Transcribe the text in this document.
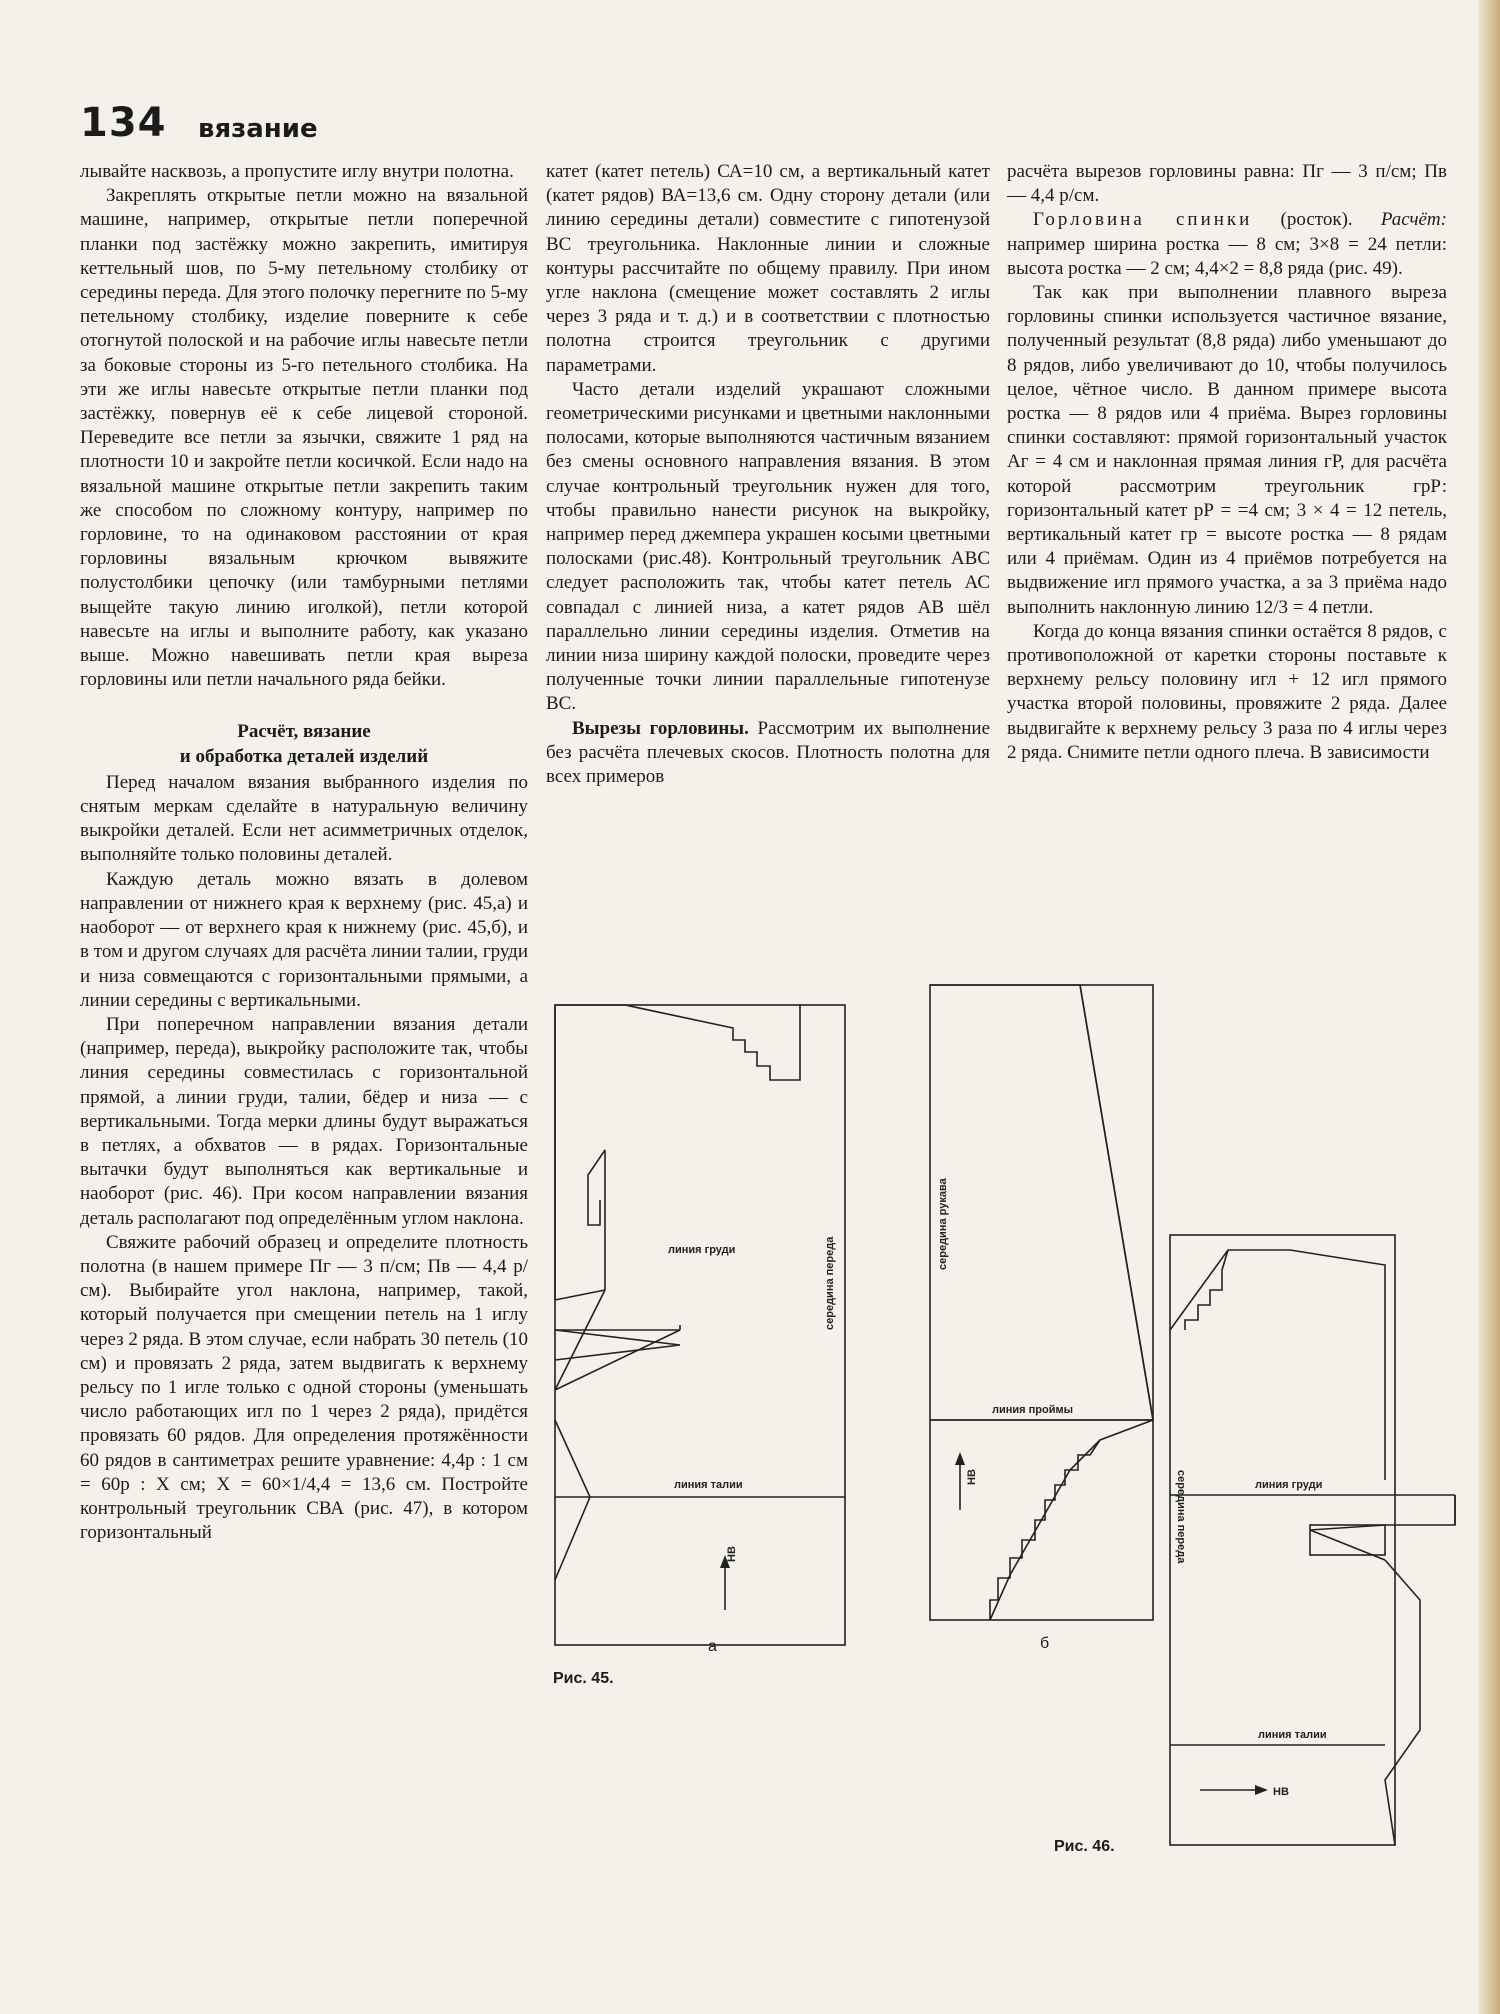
134 вязание

лывайте насквозь, а пропустите иглу внутри полотна.

Закреплять открытые петли можно на вязальной машине, например, открытые петли поперечной планки под застёжку можно закрепить, имитируя кеттельный шов, по 5-му петельному столбику от середины переда. Для этого полочку перегните по 5-му петельному столбику, изделие поверните к себе отогнутой полоской и на рабочие иглы навесьте петли за боковые стороны из 5-го петельного столбика. На эти же иглы навесьте открытые петли планки под застёжку, повернув её к себе лицевой стороной. Переведите все петли за язычки, свяжите 1 ряд на плотности 10 и закройте петли косичкой. Если надо на вязальной машине открытые петли закрепить таким же способом по сложному контуру, например по горловине, то на одинаковом расстоянии от края горловины вязальным крючком вывяжите полустолбики цепочку (или тамбурными петлями выщейте такую линию иголкой), петли которой навесьте на иглы и выполните работу, как указано выше. Можно навешивать петли края выреза горловины или петли начального ряда бейки.

Расчёт, вязание
и обработка деталей изделий

Перед началом вязания выбранного изделия по снятым меркам сделайте в натуральную величину выкройки деталей. Если нет асимметричных отделок, выполняйте только половины деталей.

Каждую деталь можно вязать в долевом направлении от нижнего края к верхнему (рис. 45,а) и наоборот — от верхнего края к нижнему (рис. 45,б), и в том и другом случаях для расчёта линии талии, груди и низа совмещаются с горизонтальными прямыми, а линии середины с вертикальными.

При поперечном направлении вязания детали (например, переда), выкройку расположите так, чтобы линия середины совместилась с горизонтальной прямой, а линии груди, талии, бёдер и низа — с вертикальными. Тогда мерки длины будут выражаться в петлях, а обхватов — в рядах. Горизонтальные вытачки будут выполняться как вертикальные и наоборот (рис. 46). При косом направлении вязания деталь располагают под определённым углом наклона.

Свяжите рабочий образец и определите плотность полотна (в нашем примере Пг — 3 п/см; Пв — 4,4 р/см). Выбирайте угол наклона, например, такой, который получается при смещении петель на 1 иглу через 2 ряда. В этом случае, если набрать 30 петель (10 см) и провязать 2 ряда, затем выдвигать к верхнему рельсу по 1 игле только с одной стороны (уменьшать число работающих игл по 1 через 2 ряда), придётся провязать 60 рядов. Для определения протяжённости 60 рядов в сантиметрах решите уравнение: 4,4р : 1 см = 60р : Х см; Х = 60×1/4,4 = 13,6 см. Постройте контрольный треугольник СВА (рис. 47), в котором горизонтальный

катет (катет петель) СА=10 см, а вертикальный катет (катет рядов) ВА=13,6 см. Одну сторону детали (или линию середины детали) совместите с гипотенузой ВС треугольника. Наклонные линии и сложные контуры рассчитайте по общему правилу. При ином угле наклона (смещение может составлять 2 иглы через 3 ряда и т. д.) и в соответствии с плотностью полотна строится треугольник с другими параметрами.

Часто детали изделий украшают сложными геометрическими рисунками и цветными наклонными полосами, которые выполняются частичным вязанием без смены основного направления вязания. В этом случае контрольный треугольник нужен для того, чтобы правильно нанести рисунок на выкройку, например перед джемпера украшен косыми цветными полосками (рис.48). Контрольный треугольник АВС следует расположить так, чтобы катет петель АС совпадал с линией низа, а катет рядов АВ шёл параллельно линии середины изделия. Отметив на линии низа ширину каждой полоски, проведите через полученные точки линии параллельные гипотенузе ВС.

Вырезы горловины. Рассмотрим их выполнение без расчёта плечевых скосов. Плотность полотна для всех примеров

расчёта вырезов горловины равна: Пг — 3 п/см; Пв — 4,4 р/см.

Горловина спинки (росток). Расчёт: например ширина ростка — 8 см; 3×8 = 24 петли: высота ростка — 2 см; 4,4×2 = 8,8 ряда (рис. 49).

Так как при выполнении плавного выреза горловины спинки используется частичное вязание, полученный результат (8,8 ряда) либо уменьшают до 8 рядов, либо увеличивают до 10, чтобы получилось целое, чётное число. В данном примере высота ростка — 8 рядов или 4 приёма. Вырез горловины спинки составляют: прямой горизонтальный участок Аг = 4 см и наклонная прямая линия гР, для расчёта которой рассмотрим треугольник грР: горизонтальный катет рР = =4 см; 3 × 4 = 12 петель, вертикальный катет гр = высоте ростка — 8 рядам или 4 приёмам. Один из 4 приёмов потребуется на выдвижение игл прямого участка, а за 3 приёма надо выполнить наклонную линию 12/3 = 4 петли.

Когда до конца вязания спинки остаётся 8 рядов, с противоположной от каретки стороны поставьте к верхнему рельсу половину игл + 12 игл прямого участка второй половины, провяжите 2 ряда. Далее выдвигайте к верхнему рельсу 3 раза по 4 иглы через 2 ряда. Снимите петли одного плеча. В зависимости

линия груди
линия талии
середина переда
НВ
линия проймы
середина рукава
НВ	линия груди
линия талии
середина переда
НВ
а	б
Рис. 45.
Рис. 46.
